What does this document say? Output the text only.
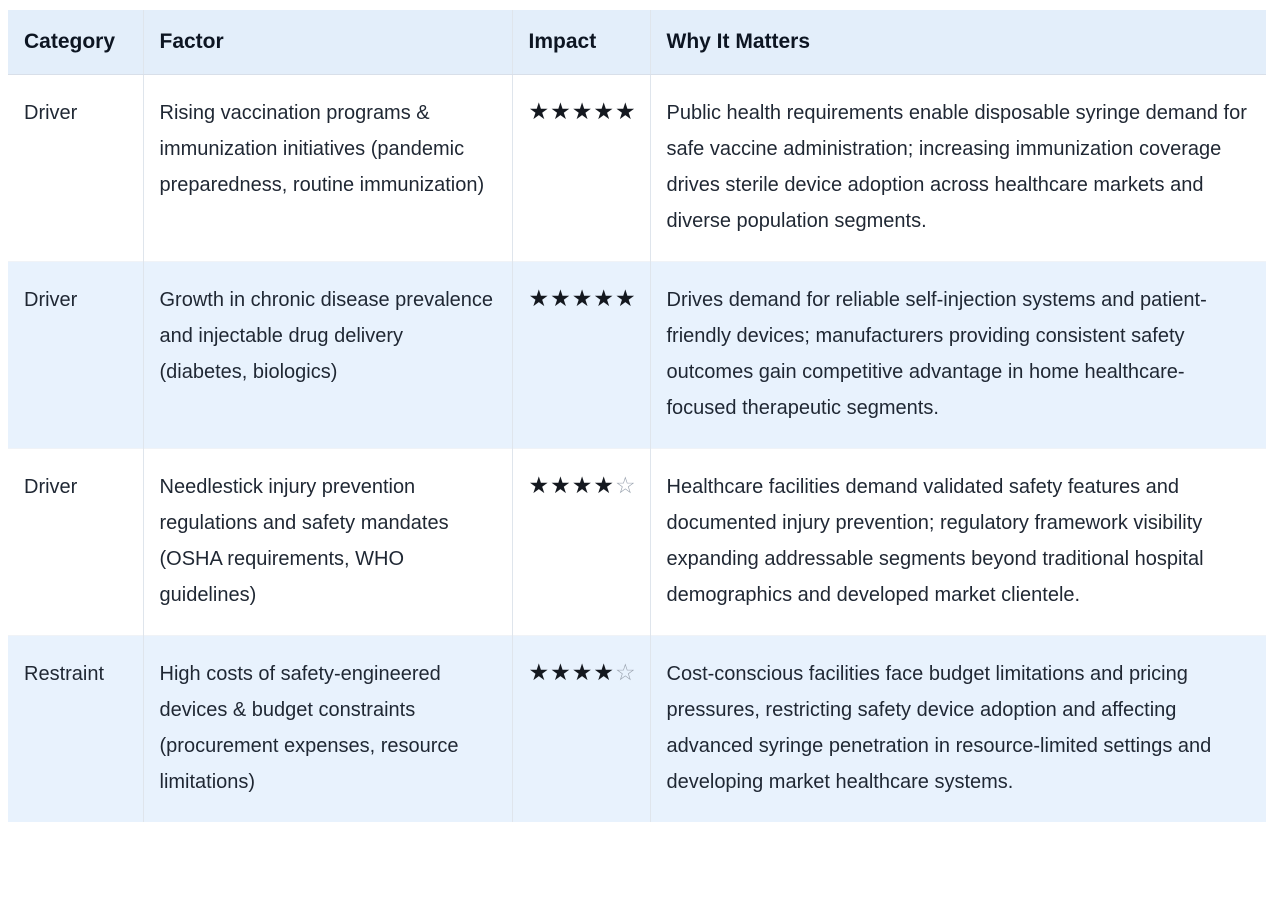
Category	Factor	Impact	Why It Matters
Driver	Rising vaccination programs & immunization initiatives (pandemic preparedness, routine immunization)	★★★★★	Public health requirements enable disposable syringe demand for safe vaccine administration; increasing immunization coverage drives sterile device adoption across healthcare markets and diverse population segments.
Driver	Growth in chronic disease prevalence and injectable drug delivery (diabetes, biologics)	★★★★★	Drives demand for reliable self-injection systems and patient-friendly devices; manufacturers providing consistent safety outcomes gain competitive advantage in home healthcare-focused therapeutic segments.
Driver	Needlestick injury prevention regulations and safety mandates (OSHA requirements, WHO guidelines)	★★★★☆	Healthcare facilities demand validated safety features and documented injury prevention; regulatory framework visibility expanding addressable segments beyond traditional hospital demographics and developed market clientele.
Restraint	High costs of safety-engineered devices & budget constraints (procurement expenses, resource limitations)	★★★★☆	Cost-conscious facilities face budget limitations and pricing pressures, restricting safety device adoption and affecting advanced syringe penetration in resource-limited settings and developing market healthcare systems.
